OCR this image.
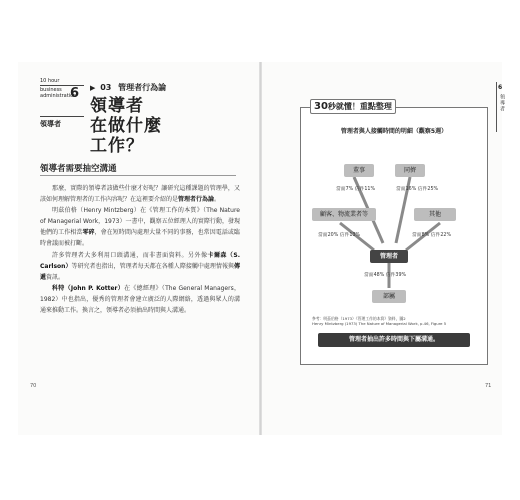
10 hour
business
administration
6
領導者
▶ 03 管理者行為論
領導者
在做什麼
工作？
領導者需要抽空溝通

那麼，實際的領導者該做些什麼才好呢？讓研究這種課題的管理學，又該如何理解管理者的工作內容呢？在這裡要介紹的是管理者行為論。

明茲伯格（Henry Mintzberg）在《管理工作的本質》（The Nature of Managerial Work，1973）一書中，觀察五位經理人的實際行動，發現他們的工作相當零碎，會在短時間內處理大量不同的事務，也常因電話或臨時會議而被打斷。

許多管理者大多利用口頭溝通，而非書面資料。另外像卡爾森（S. Carlson）等研究者也指出，管理者每天都在各種人際接觸中處理情報與傳遞資訊。

科特（John P. Kotter）在《總經理》（The General Managers，1982）中也指出，優秀的管理者會建立廣泛的人際網絡，透過與眾人的溝通來推動工作。換言之，領導者必須抽出時間與人溝通。

70
6
領導者
30秒就懂！重點整理
管理者與人接觸時間的明細（觀察5週）
董事	同儕
顧客、物流業者等	其他
管理者
部屬
當面7% 信件11%	當面16% 信件25%
當面20% 信件13%	當面8% 信件22%
當面48% 信件39%
參考：明茲伯格（1973）《管理工作的本質》資料，圖2
Henry Mintzberg (1973) The Nature of Managerial Work, p.46, Figure 5
管理者抽出許多時間與下屬溝通。
71
